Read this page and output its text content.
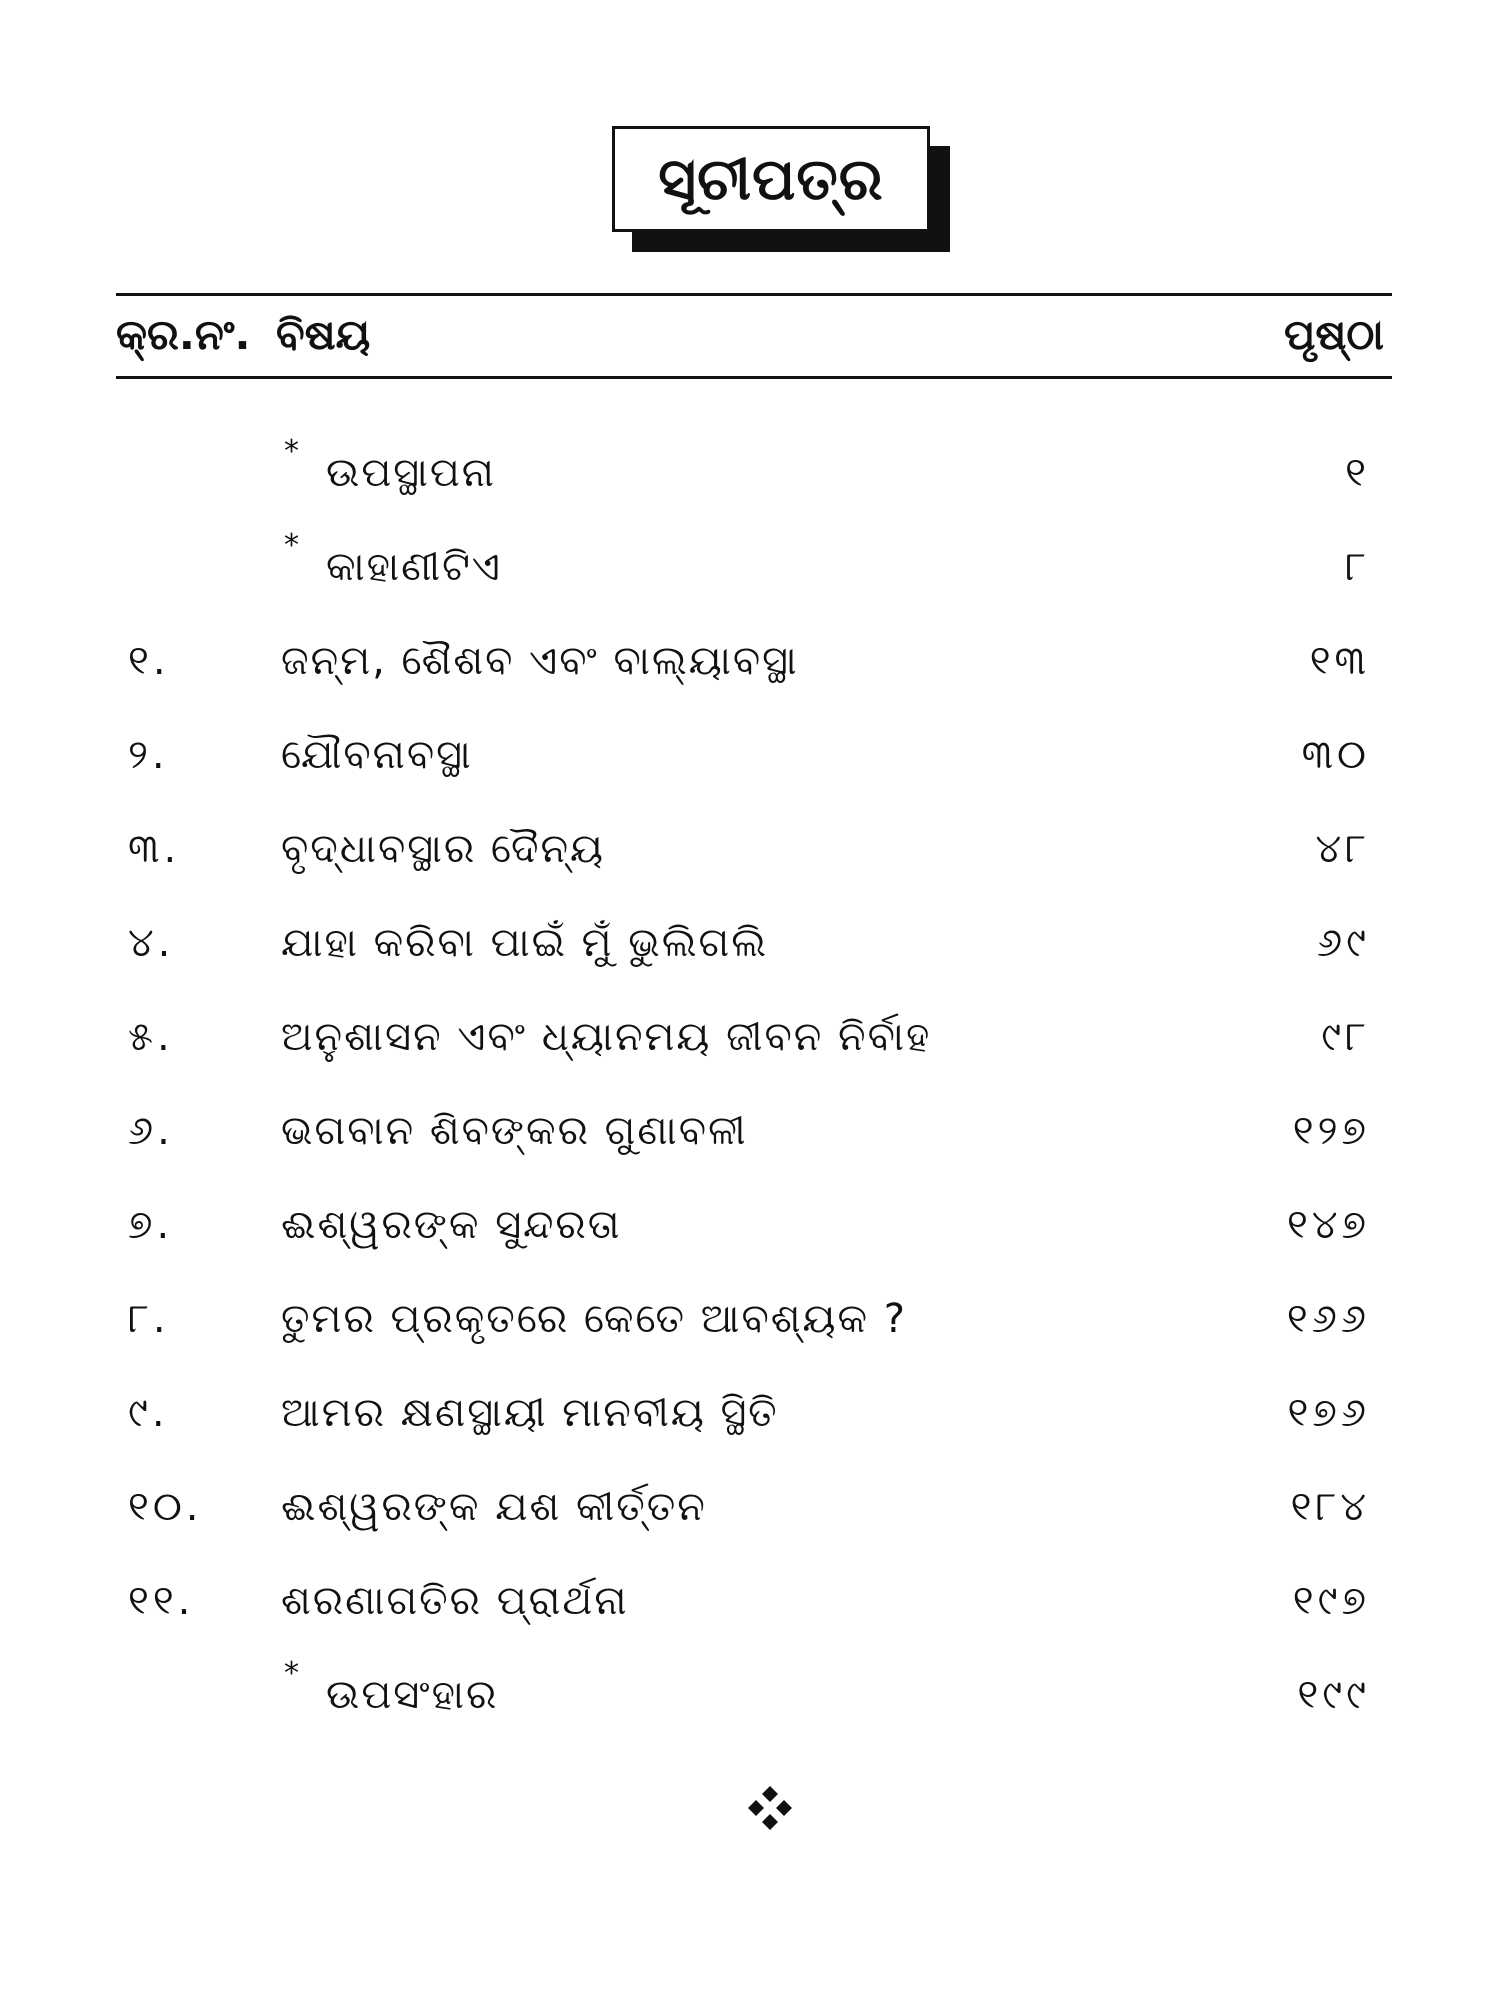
ସୂଚୀପତ୍ର
କ୍ର.ନଂ. ବିଷୟ	ପୃଷ୍ଠା
* ଉପସ୍ଥାପନା	୧
* କାହାଣୀଟିଏ	୮
୧.	ଜନ୍ମ, ଶୈଶବ ଏବଂ ବାଲ୍ୟାବସ୍ଥା	୧୩
୨.	ଯୌବନାବସ୍ଥା	୩୦
୩.	ବୃଦ୍ଧାବସ୍ଥାର ଦୈନ୍ୟ	୪୮
୪.	ଯାହା କରିବା ପାଇଁ ମୁଁ ଭୁଲିଗଲି	୬୯
୫.	ଅନୁଶାସନ ଏବଂ ଧ୍ୟାନମୟ ଜୀବନ ନିର୍ବାହ	୯୮
୬.	ଭଗବାନ ଶିବଙ୍କର ଗୁଣାବଳୀ	୧୨୭
୭.	ଈଶ୍ୱରଙ୍କ ସୁନ୍ଦରତା	୧୪୭
୮.	ତୁମର ପ୍ରକୃତରେ କେତେ ଆବଶ୍ୟକ ?	୧୬୬
୯.	ଆମର କ୍ଷଣସ୍ଥାୟୀ ମାନବୀୟ ସ୍ଥିତି	୧୭୬
୧୦. ଈଶ୍ୱରଙ୍କ ଯଶ କୀର୍ତ୍ତନ	୧୮୪
୧୧. ଶରଣାଗତିର ପ୍ରାର୍ଥନା	୧୯୭
* ଉପସଂହାର	୧୯୯
